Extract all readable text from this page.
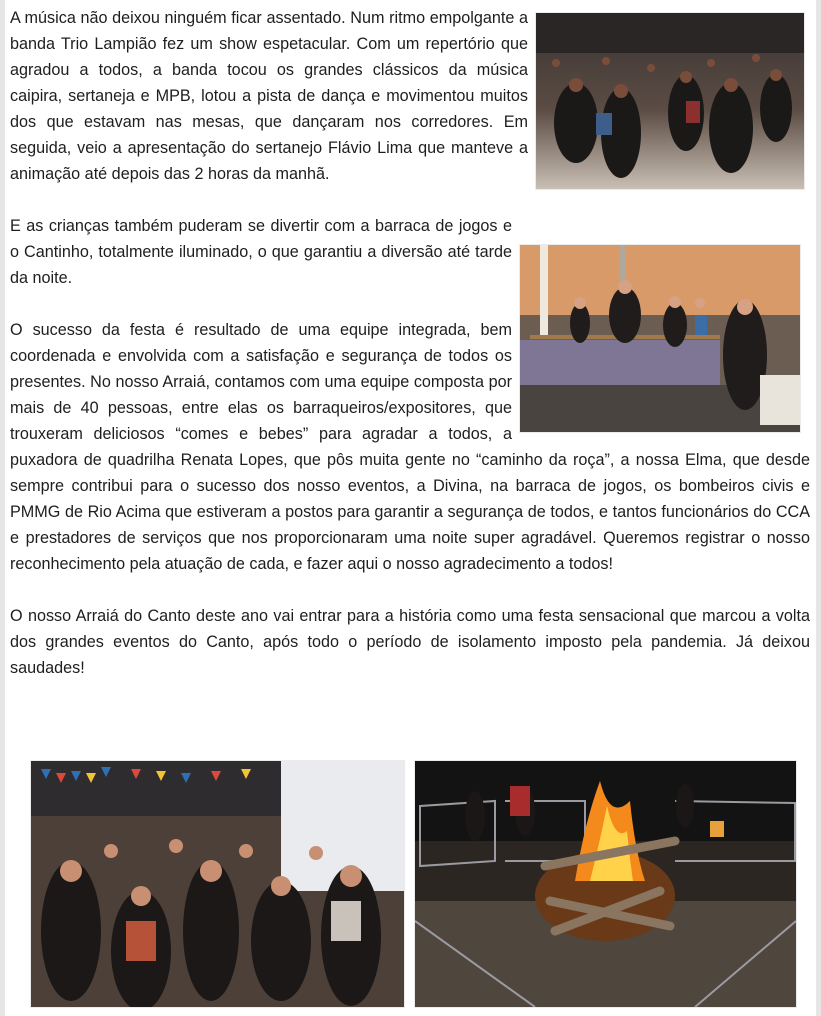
A música não deixou ninguém ficar assentado. Num ritmo empolgante a banda Trio Lampião fez um show espetacular. Com um repertório que agradou a todos, a banda tocou os grandes clássicos da música caipira, sertaneja e MPB, lotou a pista de dança e movimentou muitos dos que estavam nas mesas, que dançaram nos corredores. Em seguida, veio a apresentação do sertanejo Flávio Lima que manteve a animação até depois das 2 horas da manhã.

E as crianças também puderam se divertir com a barraca de jogos e o Cantinho, totalmente iluminado, o que garantiu a diversão até tarde da noite.

O sucesso da festa é resultado de uma equipe integrada, bem coordenada e envolvida com a satisfação e segurança de todos os presentes. No nosso Arraiá, contamos com uma equipe composta por mais de 40 pessoas, entre elas os barraqueiros/expositores, que trouxeram deliciosos “comes e bebes” para agradar a todos, a puxadora de quadrilha Renata Lopes, que pôs muita gente no “caminho da roça”, a nossa Elma, que desde sempre contribui para o sucesso dos nosso eventos, a Divina, na barraca de jogos, os bombeiros civis e PMMG de Rio Acima que estiveram a postos para garantir a segurança de todos, e tantos funcionários do CCA e prestadores de serviços que nos proporcionaram uma noite super agradável. Queremos registrar o nosso reconhecimento pela atuação de cada, e fazer aqui o nosso agradecimento a todos!

O nosso Arraiá do Canto deste ano vai entrar para a história como uma festa sensacional que marcou a volta dos grandes eventos do Canto, após todo o período de isolamento imposto pela pandemia. Já deixou saudades!
